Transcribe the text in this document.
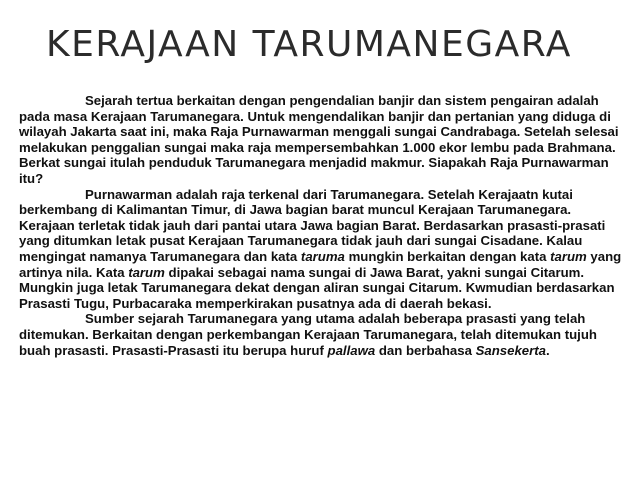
KERAJAAN TARUMANEGARA

Sejarah tertua berkaitan dengan pengendalian banjir dan sistem pengairan adalah pada masa Kerajaan Tarumanegara. Untuk mengendalikan banjir dan pertanian yang diduga di wilayah Jakarta saat ini, maka Raja Purnawarman menggali sungai Candrabaga. Setelah selesai melakukan penggalian sungai maka raja mempersembahkan 1.000 ekor lembu pada Brahmana. Berkat sungai itulah penduduk Tarumanegara menjadid makmur. Siapakah Raja Purnawarman itu?

Purnawarman adalah raja terkenal dari Tarumanegara. Setelah Kerajaatn kutai berkembang di Kalimantan Timur, di Jawa bagian barat muncul Kerajaan Tarumanegara. Kerajaan terletak tidak jauh dari pantai utara Jawa bagian Barat. Berdasarkan prasasti-prasati yang ditumkan letak pusat Kerajaan Tarumanegara tidak jauh dari sungai Cisadane. Kalau mengingat namanya Tarumanegara dan kata taruma mungkin berkaitan dengan kata tarum yang artinya nila. Kata tarum dipakai sebagai nama sungai di Jawa Barat, yakni sungai Citarum. Mungkin juga letak Tarumanegara dekat dengan aliran sungai Citarum. Kwmudian berdasarkan Prasasti Tugu, Purbacaraka memperkirakan pusatnya ada di daerah bekasi.

Sumber sejarah Tarumanegara yang utama adalah beberapa prasasti yang telah ditemukan. Berkaitan dengan perkembangan Kerajaan Tarumanegara, telah ditemukan tujuh buah prasasti. Prasasti-Prasasti itu berupa huruf pallawa dan berbahasa Sansekerta.
